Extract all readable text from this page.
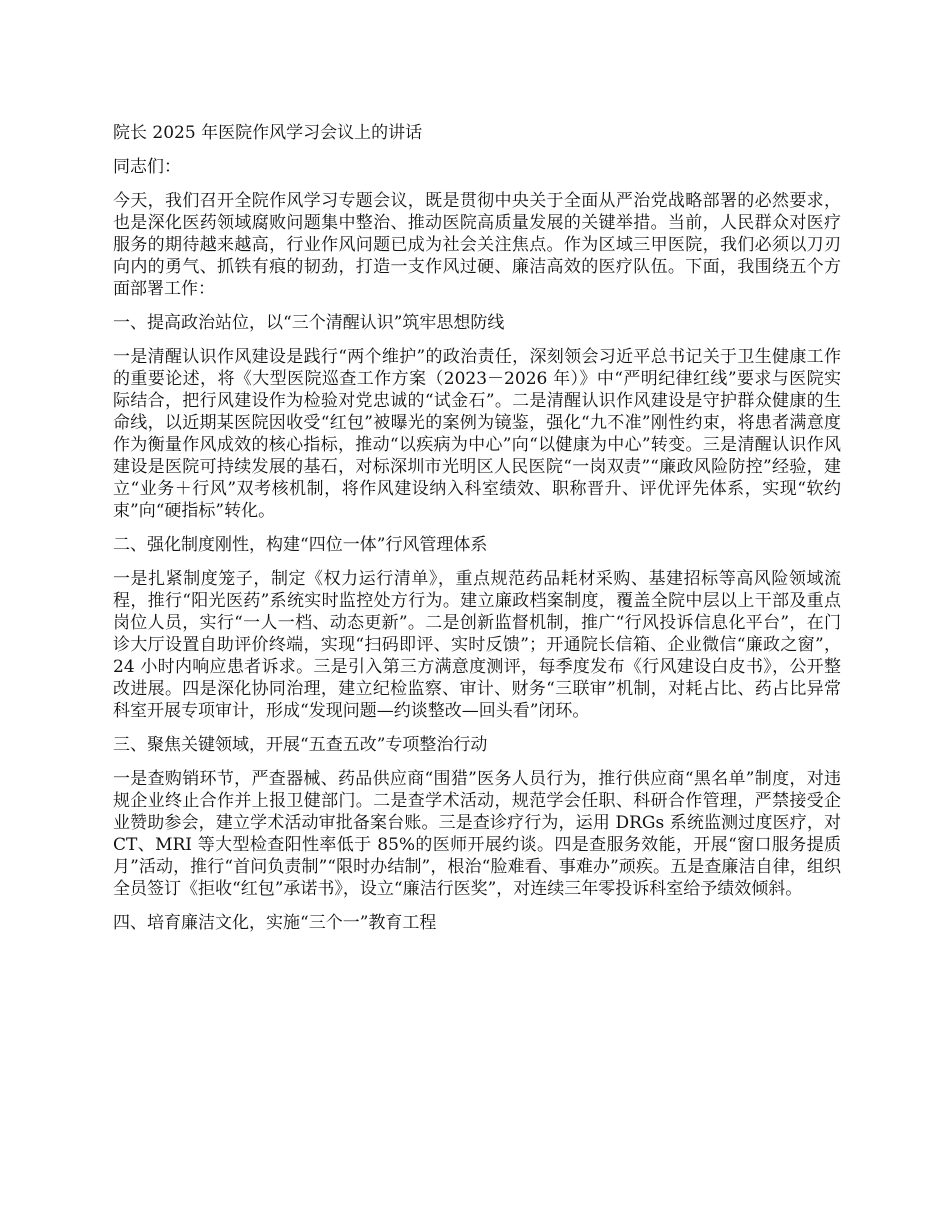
院长 2025 年医院作风学习会议上的讲话

同志们：

今天，我们召开全院作风学习专题会议，既是贯彻中央关于全面从严治党战略部署的必然要求，也是深化医药领域腐败问题集中整治、推动医院高质量发展的关键举措。当前，人民群众对医疗服务的期待越来越高，行业作风问题已成为社会关注焦点。作为区域三甲医院，我们必须以刀刃向内的勇气、抓铁有痕的韧劲，打造一支作风过硬、廉洁高效的医疗队伍。下面，我围绕五个方面部署工作：

一、提高政治站位，以“三个清醒认识”筑牢思想防线

一是清醒认识作风建设是践行“两个维护”的政治责任，深刻领会习近平总书记关于卫生健康工作的重要论述，将《大型医院巡查工作方案（2023－2026 年）》中“严明纪律红线”要求与医院实际结合，把行风建设作为检验对党忠诚的“试金石”。二是清醒认识作风建设是守护群众健康的生命线，以近期某医院因收受“红包”被曝光的案例为镜鉴，强化“九不准”刚性约束，将患者满意度作为衡量作风成效的核心指标，推动“以疾病为中心”向“以健康为中心”转变。三是清醒认识作风建设是医院可持续发展的基石，对标深圳市光明区人民医院“一岗双责”“廉政风险防控”经验，建立“业务＋行风”双考核机制，将作风建设纳入科室绩效、职称晋升、评优评先体系，实现“软约束”向“硬指标”转化。

二、强化制度刚性，构建“四位一体”行风管理体系

一是扎紧制度笼子，制定《权力运行清单》，重点规范药品耗材采购、基建招标等高风险领域流程，推行“阳光医药”系统实时监控处方行为。建立廉政档案制度，覆盖全院中层以上干部及重点岗位人员，实行“一人一档、动态更新”。二是创新监督机制，推广“行风投诉信息化平台”，在门诊大厅设置自助评价终端，实现“扫码即评、实时反馈”；开通院长信箱、企业微信“廉政之窗”，24 小时内响应患者诉求。三是引入第三方满意度测评，每季度发布《行风建设白皮书》，公开整改进展。四是深化协同治理，建立纪检监察、审计、财务“三联审”机制，对耗占比、药占比异常科室开展专项审计，形成“发现问题—约谈整改—回头看”闭环。

三、聚焦关键领域，开展“五查五改”专项整治行动

一是查购销环节，严查器械、药品供应商“围猎”医务人员行为，推行供应商“黑名单”制度，对违规企业终止合作并上报卫健部门。二是查学术活动，规范学会任职、科研合作管理，严禁接受企业赞助参会，建立学术活动审批备案台账。三是查诊疗行为，运用 DRGs 系统监测过度医疗，对 CT、MRI 等大型检查阳性率低于 85%的医师开展约谈。四是查服务效能，开展“窗口服务提质月”活动，推行“首问负责制”“限时办结制”，根治“脸难看、事难办”顽疾。五是查廉洁自律，组织全员签订《拒收“红包”承诺书》，设立“廉洁行医奖”，对连续三年零投诉科室给予绩效倾斜。

四、培育廉洁文化，实施“三个一”教育工程
